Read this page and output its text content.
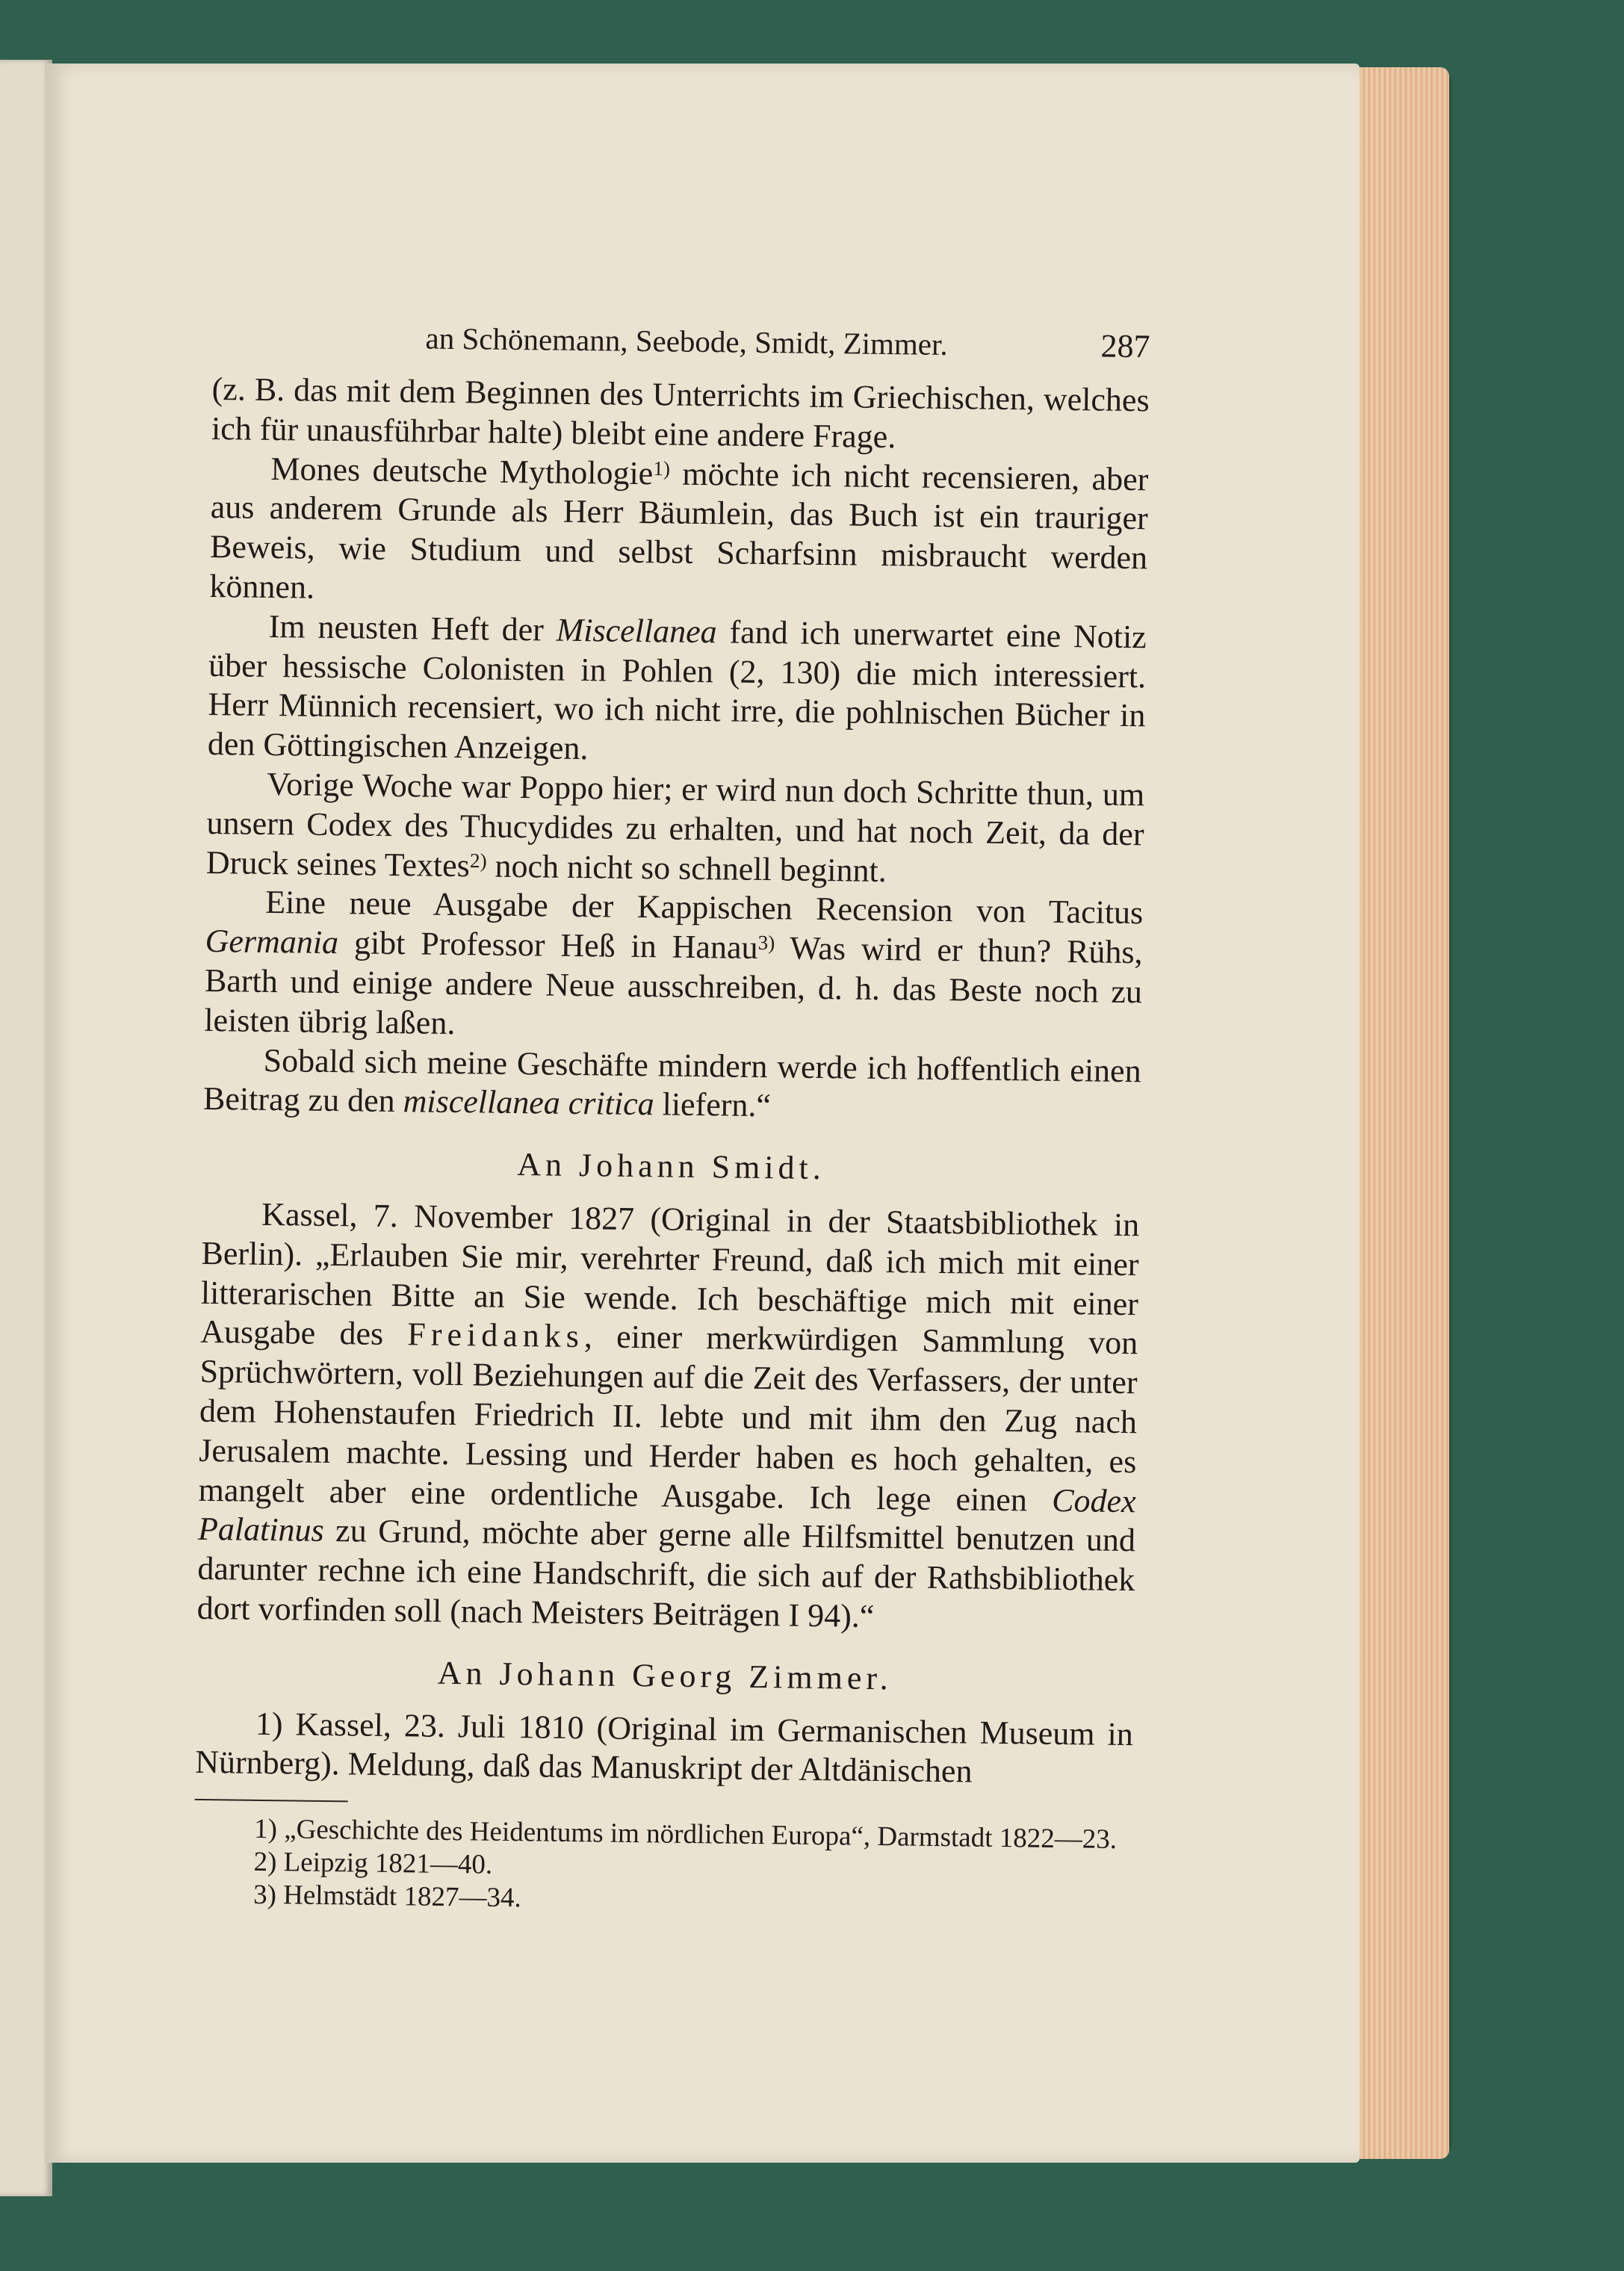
an Schönemann, Seebode, Smidt, Zimmer.	287

(z. B. das mit dem Beginnen des Unterrichts im Griechischen, welches ich für unausführbar halte) bleibt eine andere Frage.

Mones deutsche Mythologie$^{1)}$ möchte ich nicht recensieren, aber aus anderem Grunde als Herr Bäumlein, das Buch ist ein trauriger Beweis, wie Studium und selbst Scharfsinn misbraucht werden können.

Im neusten Heft der Miscellanea fand ich unerwartet eine Notiz über hessische Colonisten in Pohlen (2, 130) die mich interessiert. Herr Münnich recensiert, wo ich nicht irre, die pohlnischen Bücher in den Göttingischen Anzeigen.

Vorige Woche war Poppo hier; er wird nun doch Schritte thun, um unsern Codex des Thucydides zu erhalten, und hat noch Zeit, da der Druck seines Textes$^{2)}$ noch nicht so schnell beginnt.

Eine neue Ausgabe der Kappischen Recension von Tacitus Germania gibt Professor Heß in Hanau$^{3)}$ Was wird er thun? Rühs, Barth und einige andere Neue ausschreiben, d. h. das Beste noch zu leisten übrig laßen.

Sobald sich meine Geschäfte mindern werde ich hoffentlich einen Beitrag zu den miscellanea critica liefern.“

An Johann Smidt.

Kassel, 7. November 1827 (Original in der Staatsbibliothek in Berlin). „Erlauben Sie mir, verehrter Freund, daß ich mich mit einer litterarischen Bitte an Sie wende. Ich beschäftige mich mit einer Ausgabe des Freidanks, einer merkwürdigen Sammlung von Sprüchwörtern, voll Beziehungen auf die Zeit des Verfassers, der unter dem Hohenstaufen Friedrich II. lebte und mit ihm den Zug nach Jerusalem machte. Lessing und Herder haben es hoch gehalten, es mangelt aber eine ordentliche Ausgabe. Ich lege einen Codex Palatinus zu Grund, möchte aber gerne alle Hilfsmittel benutzen und darunter rechne ich eine Handschrift, die sich auf der Rathsbibliothek dort vorfinden soll (nach Meisters Beiträgen I 94).“

An Johann Georg Zimmer.

1) Kassel, 23. Juli 1810 (Original im Germanischen Museum in Nürnberg). Meldung, daß das Manuskript der Altdänischen

1) „Geschichte des Heidentums im nördlichen Europa“, Darmstadt 1822—23.

2) Leipzig 1821—40.

3) Helmstädt 1827—34.
